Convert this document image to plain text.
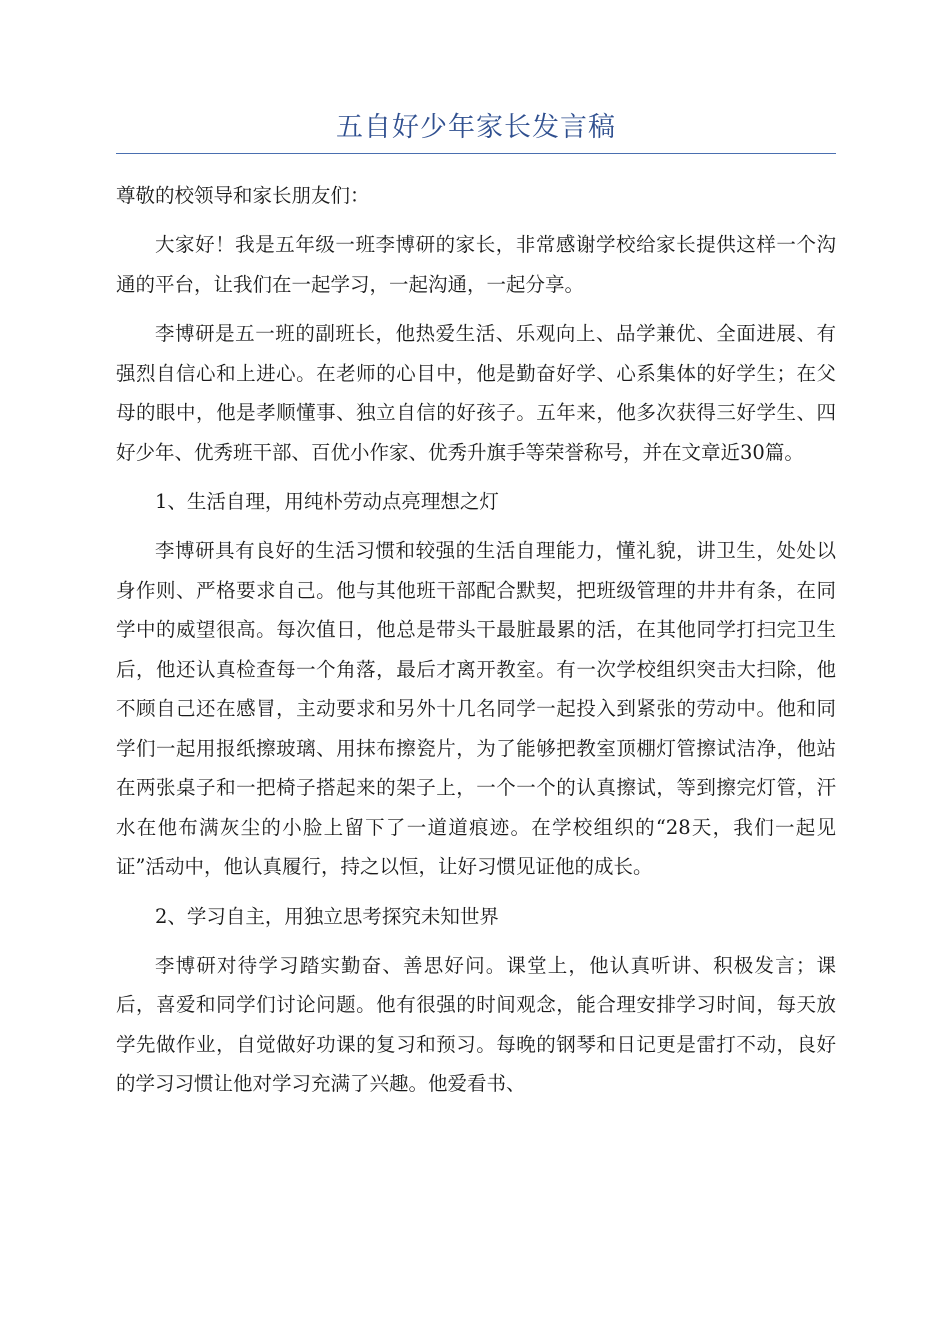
五自好少年家长发言稿

尊敬的校领导和家长朋友们：

大家好！我是五年级一班李博研的家长，非常感谢学校给家长提供这样一个沟通的平台，让我们在一起学习，一起沟通，一起分享。

李博研是五一班的副班长，他热爱生活、乐观向上、品学兼优、全面进展、有强烈自信心和上进心。在老师的心目中，他是勤奋好学、心系集体的好学生；在父母的眼中，他是孝顺懂事、独立自信的好孩子。五年来，他多次获得三好学生、四好少年、优秀班干部、百优小作家、优秀升旗手等荣誉称号，并在文章近30篇。

1、生活自理，用纯朴劳动点亮理想之灯

李博研具有良好的生活习惯和较强的生活自理能力，懂礼貌，讲卫生，处处以身作则、严格要求自己。他与其他班干部配合默契，把班级管理的井井有条，在同学中的威望很高。每次值日，他总是带头干最脏最累的活，在其他同学打扫完卫生后，他还认真检查每一个角落，最后才离开教室。有一次学校组织突击大扫除，他不顾自己还在感冒，主动要求和另外十几名同学一起投入到紧张的劳动中。他和同学们一起用报纸擦玻璃、用抹布擦瓷片，为了能够把教室顶棚灯管擦试洁净，他站在两张桌子和一把椅子搭起来的架子上，一个一个的认真擦试，等到擦完灯管，汗水在他布满灰尘的小脸上留下了一道道痕迹。在学校组织的“28天，我们一起见证”活动中，他认真履行，持之以恒，让好习惯见证他的成长。

2、学习自主，用独立思考探究未知世界

李博研对待学习踏实勤奋、善思好问。课堂上，他认真听讲、积极发言；课后，喜爱和同学们讨论问题。他有很强的时间观念，能合理安排学习时间，每天放学先做作业，自觉做好功课的复习和预习。每晚的钢琴和日记更是雷打不动，良好的学习习惯让他对学习充满了兴趣。他爱看书、
